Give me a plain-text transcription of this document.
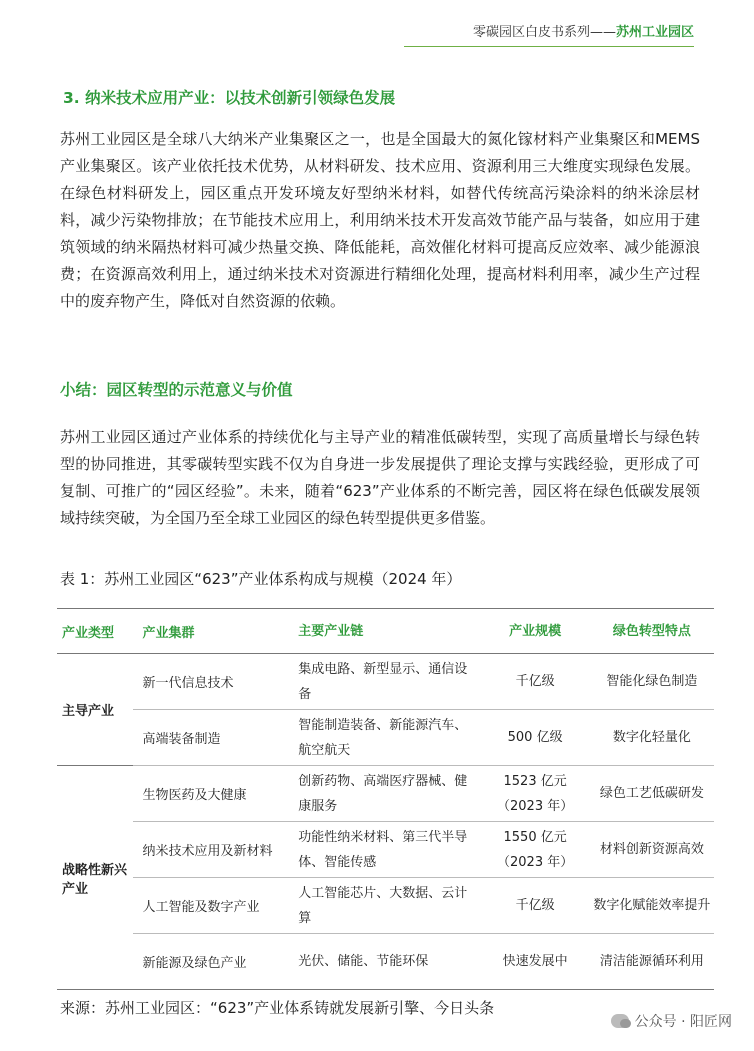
零碳园区白皮书系列——苏州工业园区
3. 纳米技术应用产业：以技术创新引领绿色发展
苏州工业园区是全球八大纳米产业集聚区之一，也是全国最大的氮化镓材料产业集聚区和MEMS 产业集聚区。该产业依托技术优势，从材料研发、技术应用、资源利用三大维度实现绿色发展。在绿色材料研发上，园区重点开发环境友好型纳米材料，如替代传统高污染涂料的纳米涂层材料，减少污染物排放；在节能技术应用上，利用纳米技术开发高效节能产品与装备，如应用于建筑领域的纳米隔热材料可减少热量交换、降低能耗，高效催化材料可提高反应效率、减少能源浪费；在资源高效利用上，通过纳米技术对资源进行精细化处理，提高材料利用率，减少生产过程中的废弃物产生，降低对自然资源的依赖。
小结：园区转型的示范意义与价值
苏州工业园区通过产业体系的持续优化与主导产业的精准低碳转型，实现了高质量增长与绿色转型的协同推进，其零碳转型实践不仅为自身进一步发展提供了理论支撑与实践经验，更形成了可复制、可推广的“园区经验”。未来，随着“623”产业体系的不断完善，园区将在绿色低碳发展领域持续突破，为全国乃至全球工业园区的绿色转型提供更多借鉴。
表 1：苏州工业园区“623”产业体系构成与规模（2024 年）
产业类型	产业集群	主要产业链	产业规模	绿色转型特点
主导产业	新一代信息技术	集成电路、新型显示、通信设备	千亿级	智能化绿色制造
	高端装备制造	智能制造装备、新能源汽车、航空航天	500 亿级	数字化轻量化
战略性新兴产业	生物医药及大健康	创新药物、高端医疗器械、健康服务	1523 亿元（2023 年）	绿色工艺低碳研发
	纳米技术应用及新材料	功能性纳米材料、第三代半导体、智能传感	1550 亿元（2023 年）	材料创新资源高效
	人工智能及数字产业	人工智能芯片、大数据、云计算	千亿级	数字化赋能效率提升
	新能源及绿色产业	光伏、储能、节能环保	快速发展中	清洁能源循环利用
来源：苏州工业园区：“623”产业体系铸就发展新引擎、今日头条
公众号 · 阳匠网
